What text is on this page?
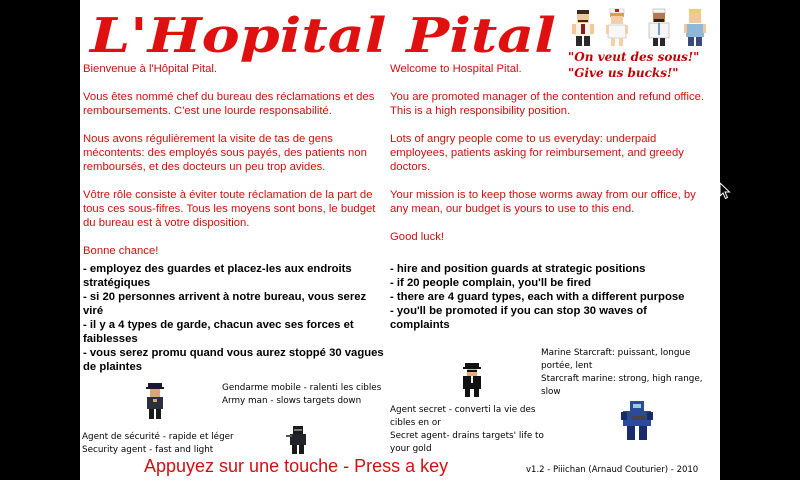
L'Hopital Pital "On veut des sous!"
"Give us bucks!"

Bienvenue à l'Hôpital Pital.

Vous êtes nommé chef du bureau des réclamations et des remboursements. C'est une lourde responsabilité.

Nous avons régulièrement la visite de tas de gens mécontents: des employés sous payés, des patients non remboursés, et des docteurs un peu trop avides.

Vôtre rôle consiste à éviter toute réclamation de la part de tous ces sous-fifres. Tous les moyens sont bons, le budget du bureau est à votre disposition.

Bonne chance!

- employez des guardes et placez-les aux endroits stratégiques
- si 20 personnes arrivent à notre bureau, vous serez viré
- il y a 4 types de garde, chacun avec ses forces et faiblesses
- vous serez promu quand vous aurez stoppé 30 vagues de plaintes

Welcome to Hospital Pital.

You are promoted manager of the contention and refund office. This is a high responsibility position.

Lots of angry people come to us everyday: underpaid employees, patients asking for reimbursement, and greedy doctors.

Your mission is to keep those worms away from our office, by any mean, our budget is yours to use to this end.

Good luck!

- hire and position guards at strategic positions
- if 20 people complain, you'll be fired
- there are 4 guard types, each with a different purpose
- you'll be promoted if you can stop 30 waves of complaints
Gendarme mobile - ralenti les cibles
Army man - slows targets down
Agent de sécurité - rapide et léger
Security agent - fast and light
Agent secret - converti la vie des cibles en or
Secret agent- drains targets' life to your gold
Marine Starcraft: puissant, longue portée, lent
Starcraft marine: strong, high range, slow
Appuyez sur une touche - Press a key	v1.2 - Piiichan (Arnaud Couturier) - 2010
